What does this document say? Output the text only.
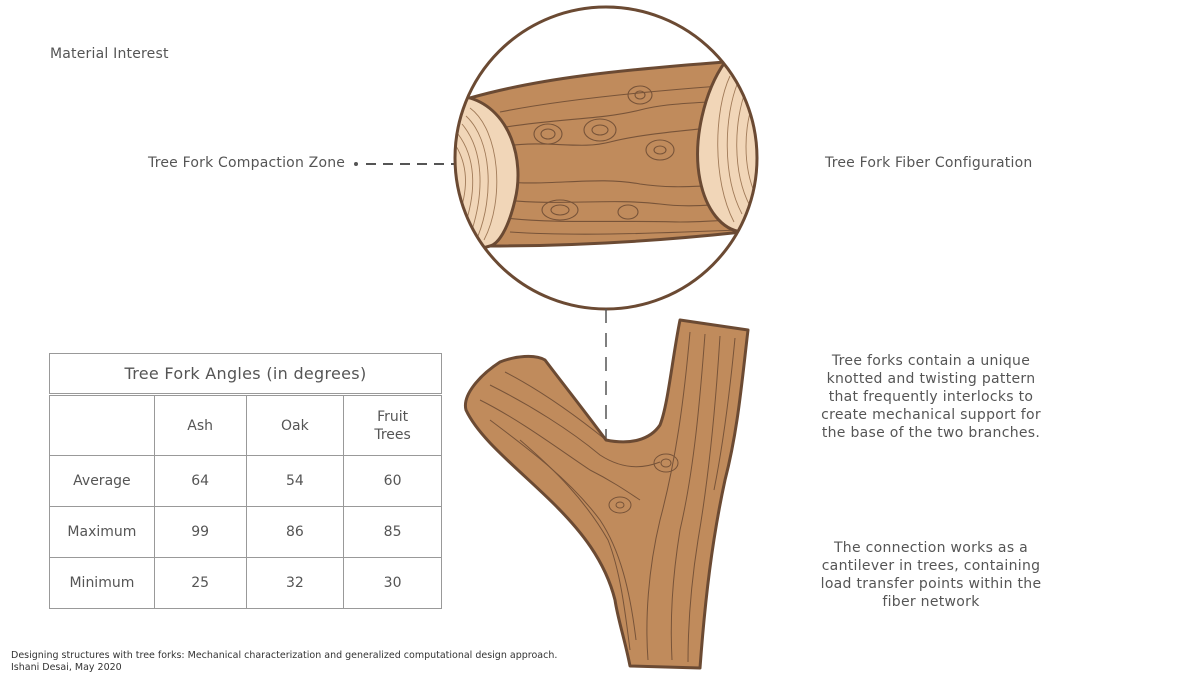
Material Interest
Tree Fork Compaction Zone	Tree Fork Fiber Configuration
Tree Fork Angles (in degrees)			
	Ash	Oak	Fruit Trees
Average	64	54	60
Maximum	99	86	85
Minimum	25	32	30
Tree forks contain a unique knotted and twisting pattern that frequently interlocks to create mechanical support for the base of the two branches.
The connection works as a cantilever in trees, containing load transfer points within the fiber network
Designing structures with tree forks: Mechanical characterization and generalized computational design approach.
Ishani Desai, May 2020
